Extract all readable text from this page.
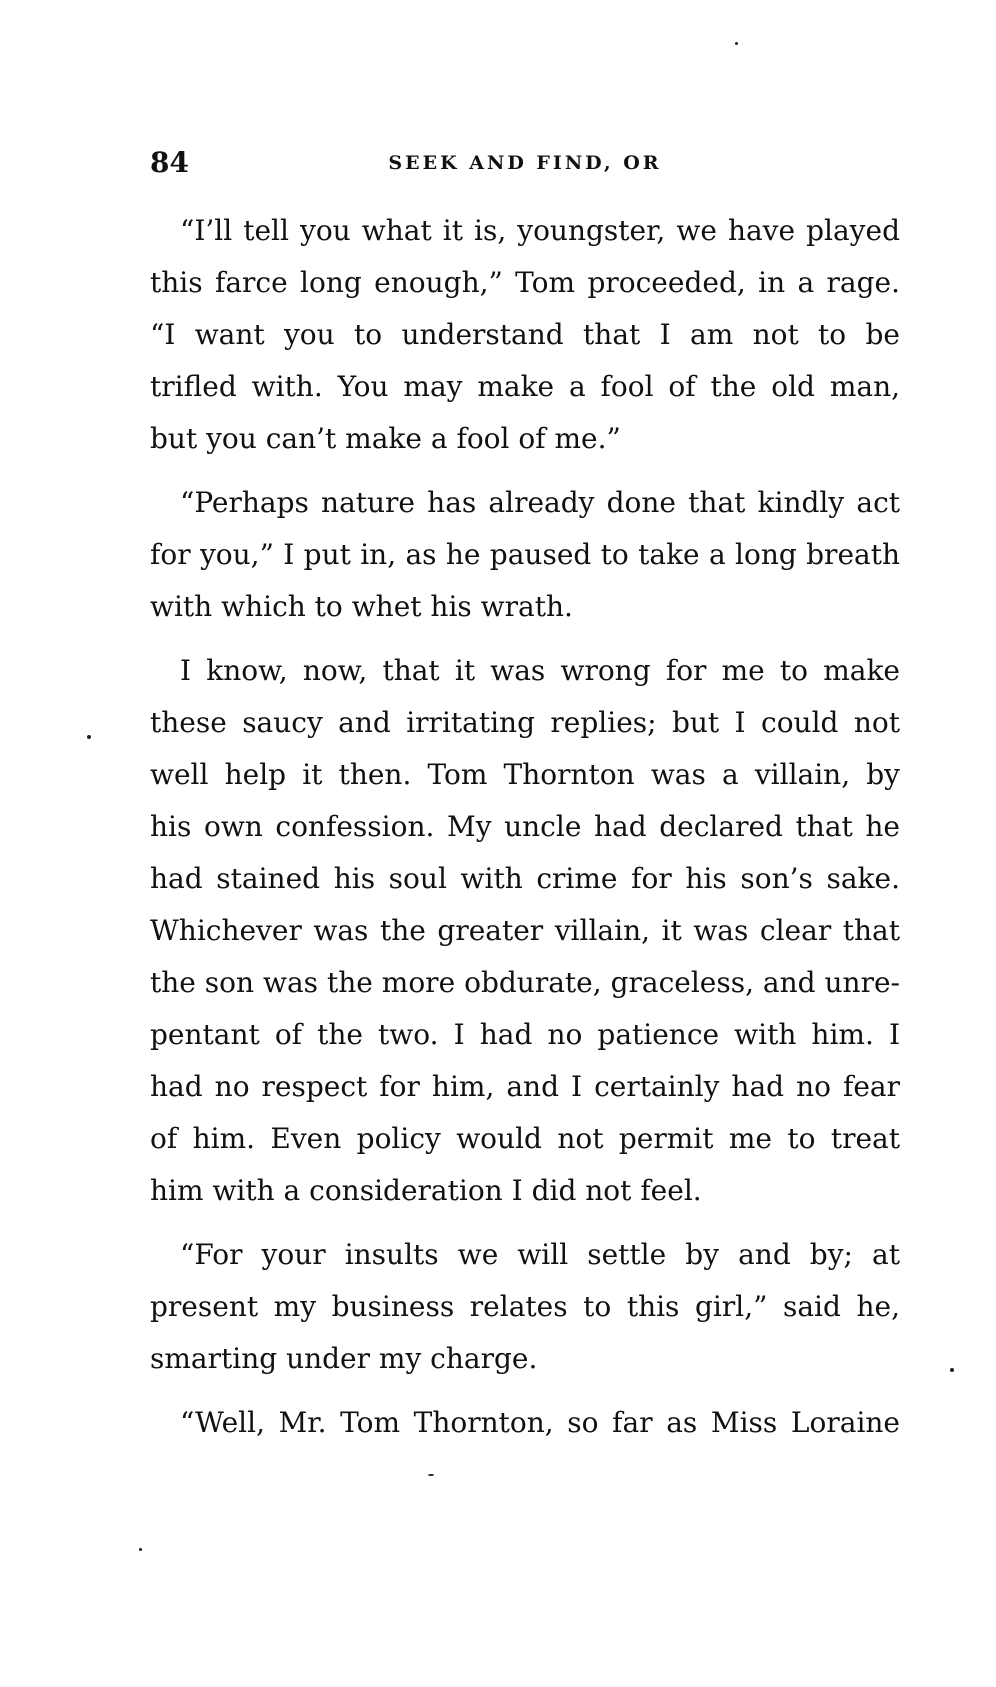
84	SEEK AND FIND, OR
“I’ll tell you what it is, youngster, we have played
this farce long enough,” Tom proceeded, in a rage.
“I want you to understand that I am not to be
trifled with. You may make a fool of the old man,
but you can’t make a fool of me.”
“Perhaps nature has already done that kindly act
for you,” I put in, as he paused to take a long breath
with which to whet his wrath.
I know, now, that it was wrong for me to make
these saucy and irritating replies; but I could not
well help it then. Tom Thornton was a villain, by
his own confession. My uncle had declared that he
had stained his soul with crime for his son’s sake.
Whichever was the greater villain, it was clear that
the son was the more obdurate, graceless, and unre-
pentant of the two. I had no patience with him. I
had no respect for him, and I certainly had no fear
of him. Even policy would not permit me to treat
him with a consideration I did not feel.
“For your insults we will settle by and by; at
present my business relates to this girl,” said he,
smarting under my charge.
“Well, Mr. Tom Thornton, so far as Miss Loraine
